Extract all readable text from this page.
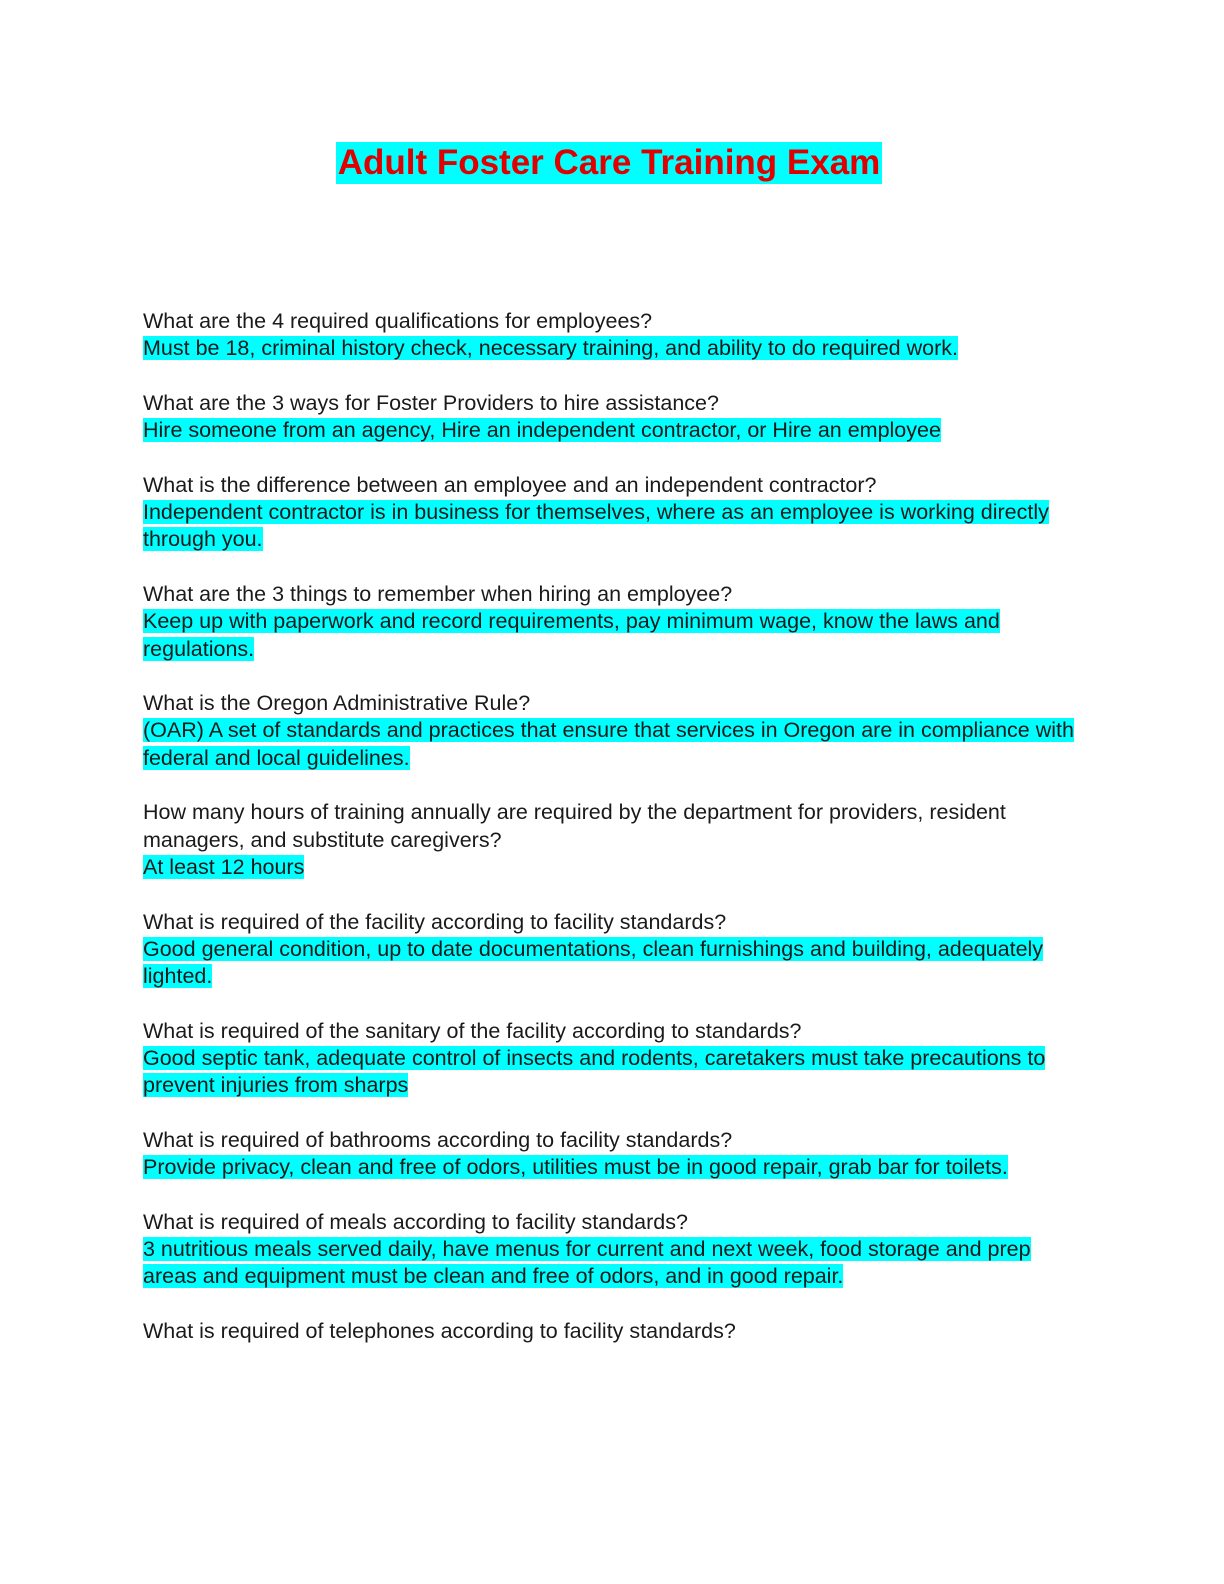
Adult Foster Care Training Exam
What are the 4 required qualifications for employees?
Must be 18, criminal history check, necessary training, and ability to do required work.
What are the 3 ways for Foster Providers to hire assistance?
Hire someone from an agency, Hire an independent contractor, or Hire an employee
What is the difference between an employee and an independent contractor?
Independent contractor is in business for themselves, where as an employee is working directly through you.
What are the 3 things to remember when hiring an employee?
Keep up with paperwork and record requirements, pay minimum wage, know the laws and regulations.
What is the Oregon Administrative Rule?
(OAR) A set of standards and practices that ensure that services in Oregon are in compliance with federal and local guidelines.
How many hours of training annually are required by the department for providers, resident managers, and substitute caregivers?
At least 12 hours
What is required of the facility according to facility standards?
Good general condition, up to date documentations, clean furnishings and building, adequately lighted.
What is required of the sanitary of the facility according to standards?
Good septic tank, adequate control of insects and rodents, caretakers must take precautions to prevent injuries from sharps
What is required of bathrooms according to facility standards?
Provide privacy, clean and free of odors, utilities must be in good repair, grab bar for toilets.
What is required of meals according to facility standards?
3 nutritious meals served daily, have menus for current and next week, food storage and prep areas and equipment must be clean and free of odors, and in good repair.
What is required of telephones according to facility standards?
